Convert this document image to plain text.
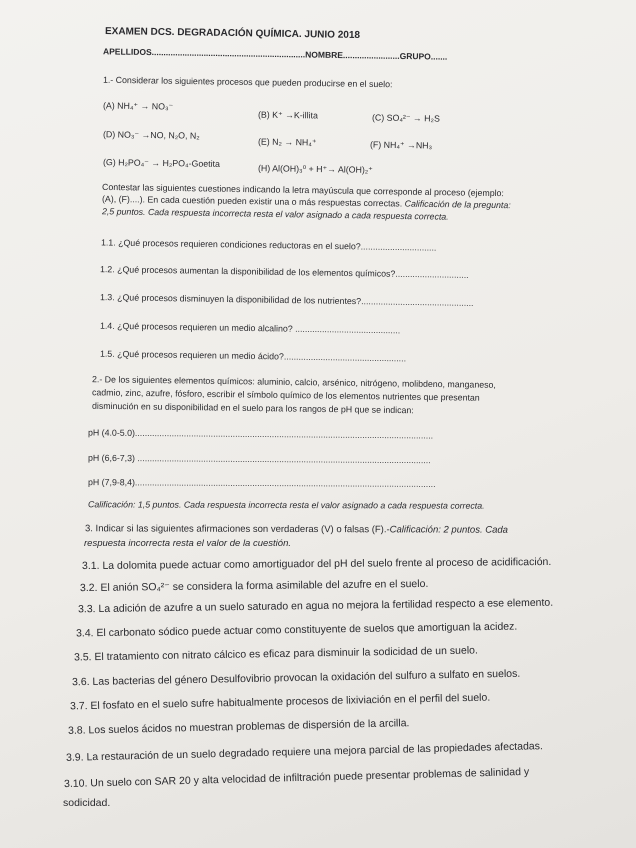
EXAMEN DCS. DEGRADACIÓN QUÍMICA. JUNIO 2018
APELLIDOS.................................................................NOMBRE........................GRUPO.......
1.- Considerar los siguientes procesos que pueden producirse en el suelo:
(A) NH₄⁺ → NO₃⁻
(B) K⁺ →K-illita	(C) SO₄²⁻ → H₂S
(D) NO₃⁻ →NO, N₂O, N₂
(E) N₂ → NH₄⁺	(F) NH₄⁺ →NH₃
(G) H₂PO₄⁻ → H₂PO₄-Goetita
(H) Al(OH)₃⁰ + H⁺→ Al(OH)₂⁺
Contestar las siguientes cuestiones indicando la letra mayúscula que corresponde al proceso (ejemplo:
(A), (F)....). En cada cuestión pueden existir una o más respuestas correctas. Calificación de la pregunta:
2,5 puntos. Cada respuesta incorrecta resta el valor asignado a cada respuesta correcta.
1.1. ¿Qué procesos requieren condiciones reductoras en el suelo?...............................
1.2. ¿Qué procesos aumentan la disponibilidad de los elementos químicos?..............................
1.3. ¿Qué procesos disminuyen la disponibilidad de los nutrientes?..............................................
1.4. ¿Qué procesos requieren un medio alcalino? ...........................................
1.5. ¿Qué procesos requieren un medio ácido?..................................................
2.- De los siguientes elementos químicos: aluminio, calcio, arsénico, nitrógeno, molibdeno, manganeso,
cadmio, zinc, azufre, fósforo, escribir el símbolo químico de los elementos nutrientes que presentan
disminución en su disponibilidad en el suelo para los rangos de pH que se indican:
pH (4.0-5.0)..........................................................................................................................
pH (6,6-7,3) ........................................................................................................................
pH (7,9-8,4)...........................................................................................................................
Calificación: 1,5 puntos. Cada respuesta incorrecta resta el valor asignado a cada respuesta correcta.
3. Indicar si las siguientes afirmaciones son verdaderas (V) o falsas (F).-Calificación: 2 puntos. Cada
respuesta incorrecta resta el valor de la cuestión.
3.1. La dolomita puede actuar como amortiguador del pH del suelo frente al proceso de acidificación.
3.2. El anión SO₄²⁻ se considera la forma asimilable del azufre en el suelo.
3.3. La adición de azufre a un suelo saturado en agua no mejora la fertilidad respecto a ese elemento.
3.4. El carbonato sódico puede actuar como constituyente de suelos que amortiguan la acidez.
3.5. El tratamiento con nitrato cálcico es eficaz para disminuir la sodicidad de un suelo.
3.6. Las bacterias del género Desulfovibrio provocan la oxidación del sulfuro a sulfato en suelos.
3.7. El fosfato en el suelo sufre habitualmente procesos de lixiviación en el perfil del suelo.
3.8. Los suelos ácidos no muestran problemas de dispersión de la arcilla.
3.9. La restauración de un suelo degradado requiere una mejora parcial de las propiedades afectadas.
3.10. Un suelo con SAR 20 y alta velocidad de infiltración puede presentar problemas de salinidad y
sodicidad.
